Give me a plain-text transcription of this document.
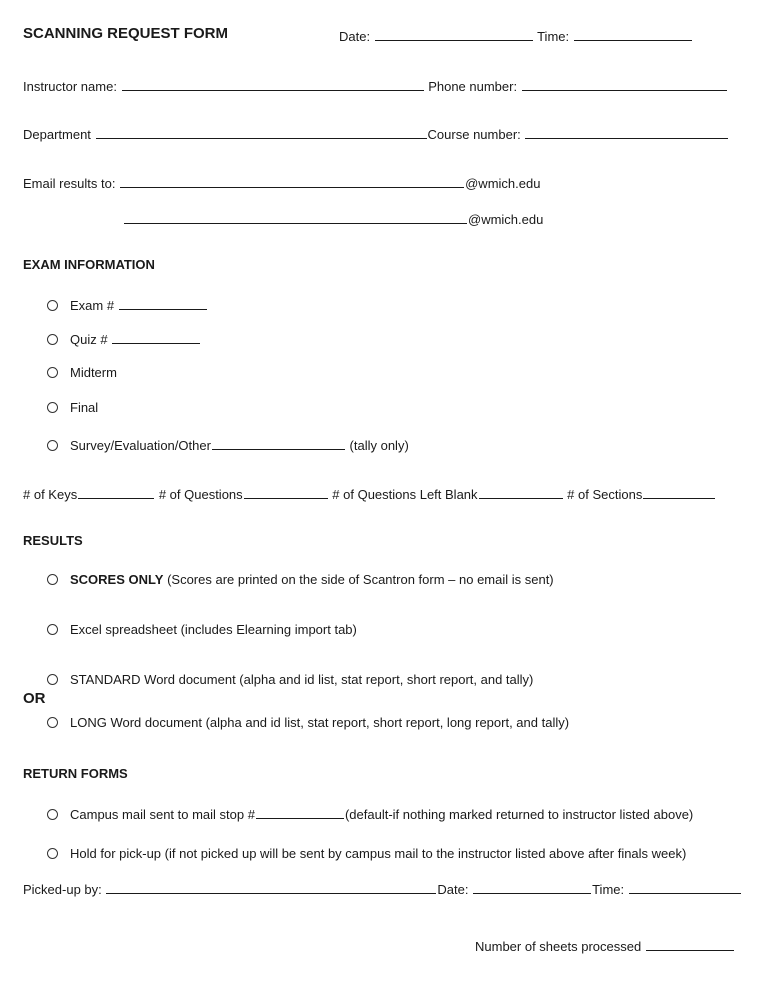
SCANNING REQUEST FORM	Date:	Time:
Instructor name:	Phone number:
Department	Course number:
Email results to:	@wmich.edu
@wmich.edu
EXAM INFORMATION
Exam #
Quiz #
Midterm
Final
Survey/Evaluation/Other	(tally only)
# of Keys	# of Questions	# of Questions Left Blank	# of Sections
RESULTS
SCORES ONLY (Scores are printed on the side of Scantron form – no email is sent)
Excel spreadsheet (includes Elearning import tab)
STANDARD Word document (alpha and id list, stat report, short report, and tally)
OR
LONG Word document (alpha and id list, stat report, short report, long report, and tally)
RETURN FORMS
Campus mail sent to mail stop #	(default-if nothing marked returned to instructor listed above)
Hold for pick-up (if not picked up will be sent by campus mail to the instructor listed above after finals week)
Picked-up by:	Date:	Time:
Number of sheets processed
